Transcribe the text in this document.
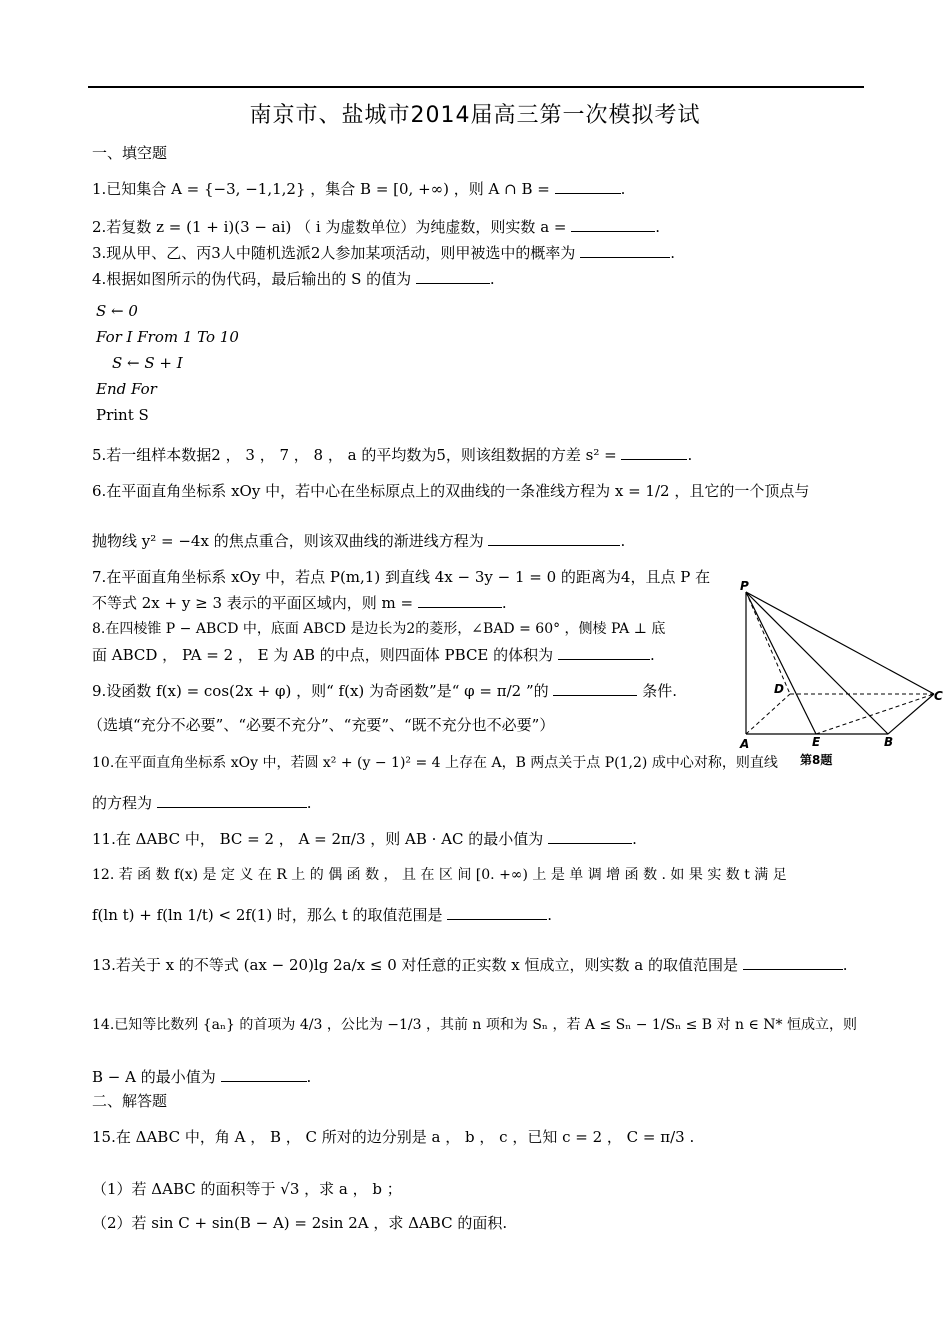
南京市、盐城市2014届高三第一次模拟考试
一、填空题
1.已知集合 A = {−3, −1,1,2} ，集合 B = [0, +∞) ，则 A ∩ B =	.
2.若复数 z = (1 + i)(3 − ai) （ i 为虚数单位）为纯虚数，则实数 a =	.
3.现从甲、乙、丙3人中随机选派2人参加某项活动，则甲被选中的概率为	.
4.根据如图所示的伪代码，最后输出的 S 的值为	.
S ← 0
For I From 1 To 10
S ← S + I
End For
Print S
5.若一组样本数据2 ， 3 ， 7 ， 8 ， a 的平均数为5，则该组数据的方差 s² =	.
6.在平面直角坐标系 xOy 中，若中心在坐标原点上的双曲线的一条准线方程为 x = 1/2 ，且它的一个顶点与
抛物线 y² = −4x 的焦点重合，则该双曲线的渐进线方程为	.
7.在平面直角坐标系 xOy 中，若点 P(m,1) 到直线 4x − 3y − 1 = 0 的距离为4，且点 P 在
不等式 2x + y ≥ 3 表示的平面区域内，则 m =	.
8.在四棱锥 P − ABCD 中，底面 ABCD 是边长为2的菱形，∠BAD = 60° ，侧棱 PA ⊥ 底
面 ABCD ， PA = 2 ， E 为 AB 的中点，则四面体 PBCE 的体积为	.
9.设函数 f(x) = cos(2x + φ) ，则“ f(x) 为奇函数”是“ φ = π/2 ”的	条件.
（选填“充分不必要”、“必要不充分”、“充要”、“既不充分也不必要”）
10.在平面直角坐标系 xOy 中，若圆 x² + (y − 1)² = 4 上存在 A，B 两点关于点 P(1,2) 成中心对称，则直线
的方程为	.
11.在 ΔABC 中， BC = 2 ， A = 2π/3 ，则 AB · AC 的最小值为	.
12. 若 函 数 f(x) 是 定 义 在 R 上 的 偶 函 数 ， 且 在 区 间 [0. +∞) 上 是 单 调 增 函 数 . 如 果 实 数 t 满 足
f(ln t) + f(ln 1/t) < 2f(1) 时，那么 t 的取值范围是	.
13.若关于 x 的不等式 (ax − 20)lg 2a/x ≤ 0 对任意的正实数 x 恒成立，则实数 a 的取值范围是	.
14.已知等比数列 {aₙ} 的首项为 4/3 ，公比为 −1/3 ，其前 n 项和为 Sₙ ，若 A ≤ Sₙ − 1/Sₙ ≤ B 对 n ∈ N* 恒成立，则
B − A 的最小值为	.
二、解答题
15.在 ΔABC 中，角 A ， B ， C 所对的边分别是 a ， b ， c ，已知 c = 2 ， C = π/3 .
（1）若 ΔABC 的面积等于 √3 ，求 a ， b ；
（2）若 sin C + sin(B − A) = 2sin 2A ，求 ΔABC 的面积.
P
D	C
A	E	B
第8题
